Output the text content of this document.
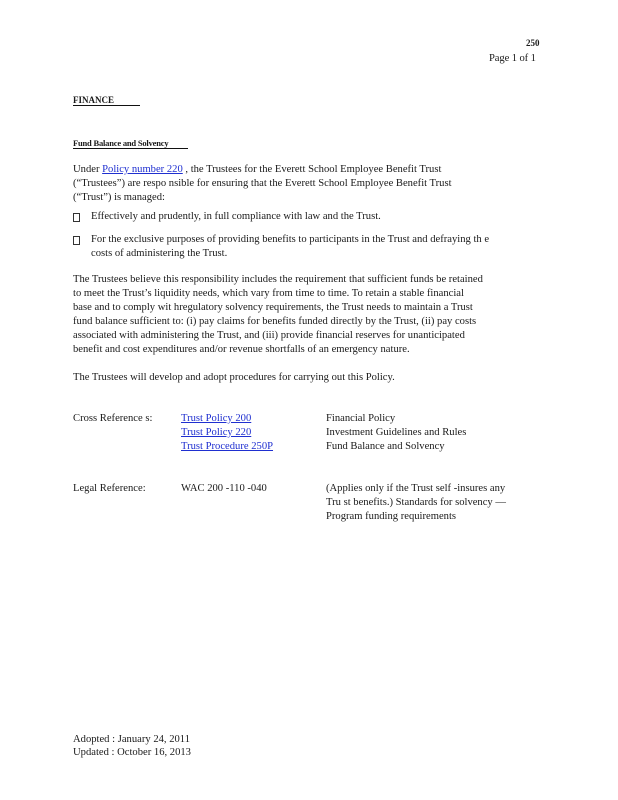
250
Page 1 of 1
FINANCE
Fund Balance and Solvency
Under Policy number 220 , the Trustees for the Everett School Employee Benefit Trust
(“Trustees”) are respo nsible for ensuring that the Everett School Employee Benefit Trust
(“Trust”) is managed:
Effectively and prudently, in full compliance with law and the Trust.
For the exclusive purposes of providing benefits to participants in the Trust and defraying th e
costs of administering the Trust.
The Trustees believe this responsibility includes the requirement that sufficient funds be retained
to meet the Trust’s liquidity needs, which vary from time to time. To retain a stable financial
base and to comply wit hregulatory solvency requirements, the Trust needs to maintain a Trust
fund balance sufficient to: (i) pay claims for benefits funded directly by the Trust, (ii) pay costs
associated with administering the Trust, and (iii) provide financial reserves for unanticipated
benefit and cost expenditures and/or revenue shortfalls of an emergency nature.
The Trustees will develop and adopt procedures for carrying out this Policy.
Cross Reference s:	Trust Policy 200	Financial Policy
Trust Policy 220	Investment Guidelines and Rules
Trust Procedure 250P	Fund Balance and Solvency
Legal Reference:	WAC 200 -110 -040	(Applies only if the Trust self -insures any
Tru st benefits.) Standards for solvency —
Program funding requirements
Adopted : January 24, 2011
Updated : October 16, 2013
